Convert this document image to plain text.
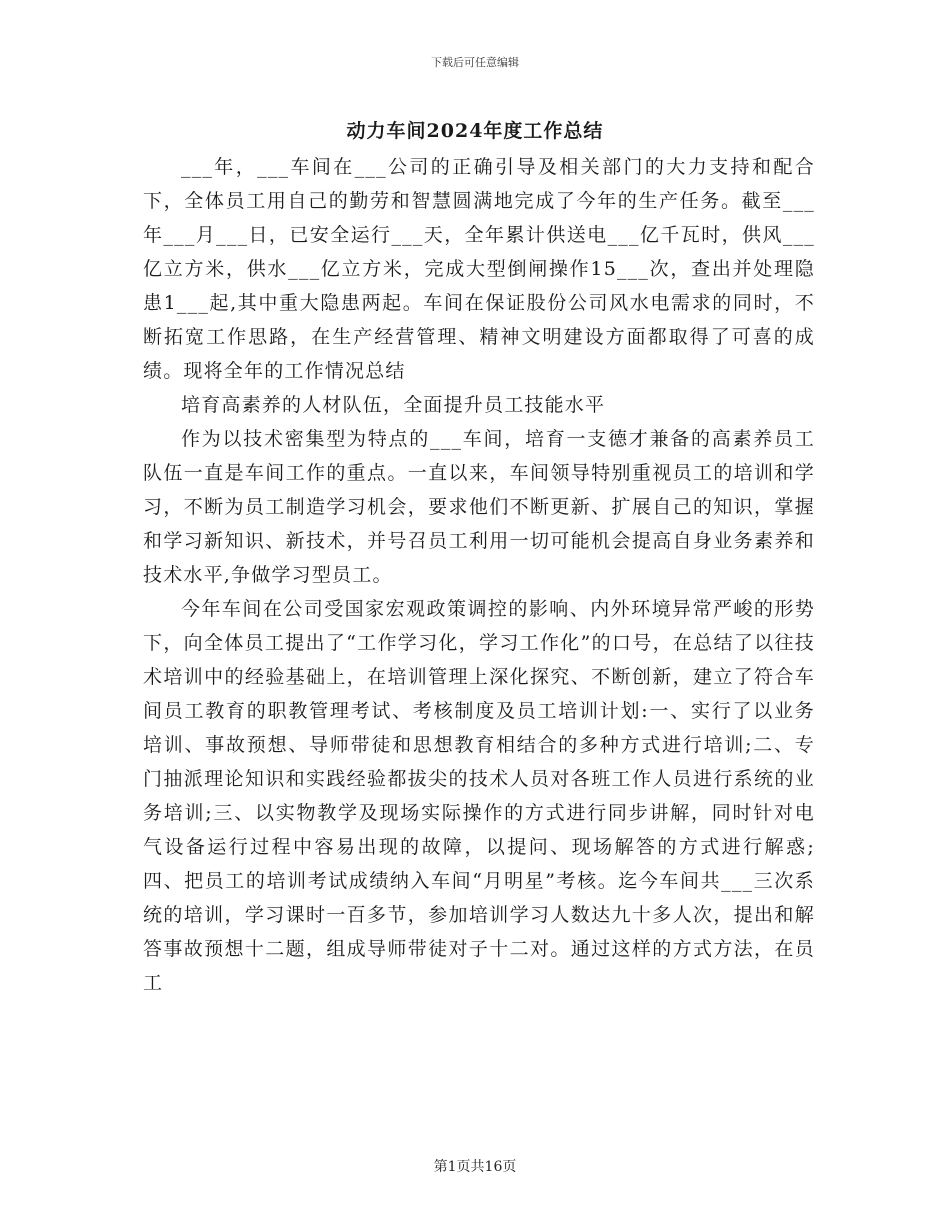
下载后可任意编辑
动力车间2024年度工作总结

___年，___车间在___公司的正确引导及相关部门的大力支持和配合下，全体员工用自己的勤劳和智慧圆满地完成了今年的生产任务。截至___年___月___日，已安全运行___天，全年累计供送电___亿千瓦时，供风___亿立方米，供水___亿立方米，完成大型倒闸操作15___次，查出并处理隐患1___起,其中重大隐患两起。车间在保证股份公司风水电需求的同时，不断拓宽工作思路，在生产经营管理、精神文明建设方面都取得了可喜的成绩。现将全年的工作情况总结

培育高素养的人材队伍，全面提升员工技能水平

作为以技术密集型为特点的___车间，培育一支德才兼备的高素养员工队伍一直是车间工作的重点。一直以来，车间领导特别重视员工的培训和学习，不断为员工制造学习机会，要求他们不断更新、扩展自己的知识，掌握和学习新知识、新技术，并号召员工利用一切可能机会提高自身业务素养和技术水平,争做学习型员工。

今年车间在公司受国家宏观政策调控的影响、内外环境异常严峻的形势下，向全体员工提出了“工作学习化，学习工作化”的口号，在总结了以往技术培训中的经验基础上，在培训管理上深化探究、不断创新，建立了符合车间员工教育的职教管理考试、考核制度及员工培训计划:一、实行了以业务培训、事故预想、导师带徒和思想教育相结合的多种方式进行培训;二、专门抽派理论知识和实践经验都拔尖的技术人员对各班工作人员进行系统的业务培训;三、以实物教学及现场实际操作的方式进行同步讲解，同时针对电气设备运行过程中容易出现的故障，以提问、现场解答的方式进行解惑;四、把员工的培训考试成绩纳入车间“月明星”考核。迄今车间共___三次系统的培训，学习课时一百多节，参加培训学习人数达九十多人次，提出和解答事故预想十二题，组成导师带徒对子十二对。通过这样的方式方法，在员工

第1页共16页
